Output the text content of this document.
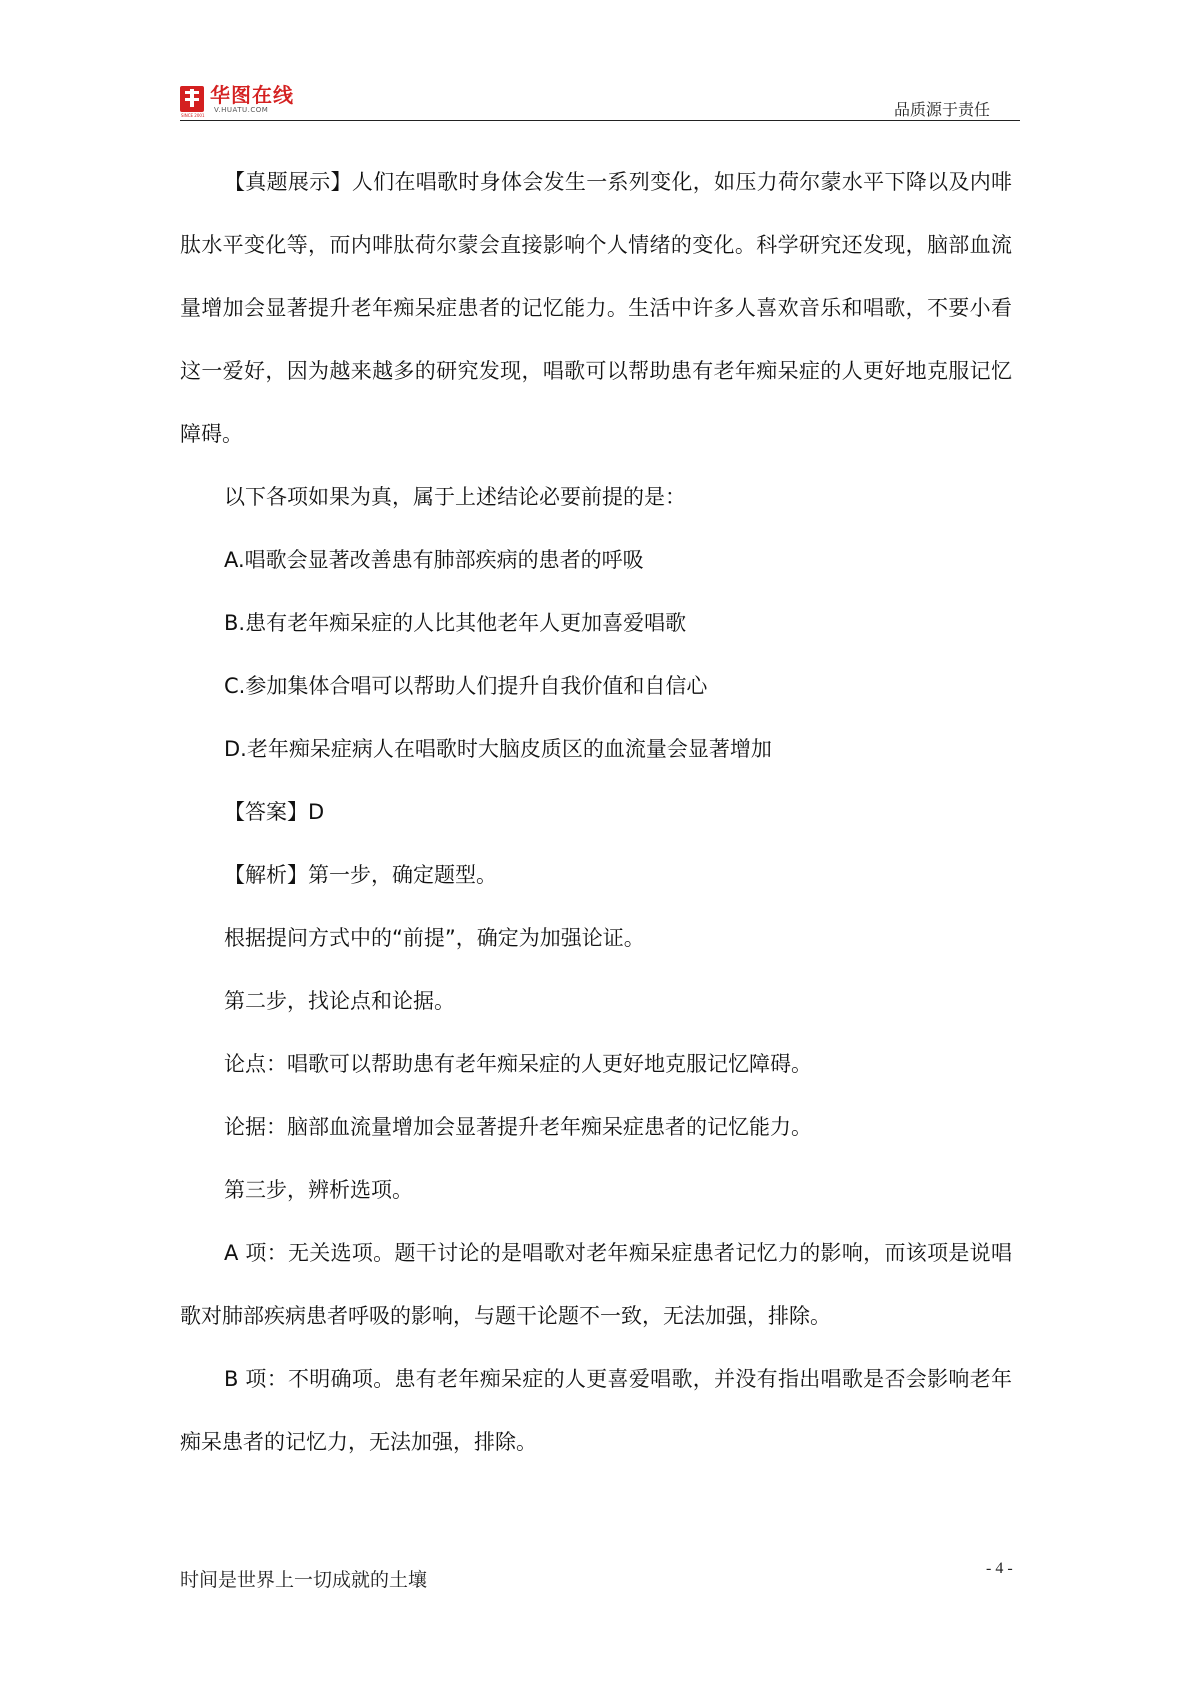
SINCE 2001
华图在线
V.HUATU.COM	品质源于责任

【真题展示】人们在唱歌时身体会发生一系列变化，如压力荷尔蒙水平下降以及内啡肽水平变化等，而内啡肽荷尔蒙会直接影响个人情绪的变化。科学研究还发现，脑部血流量增加会显著提升老年痴呆症患者的记忆能力。生活中许多人喜欢音乐和唱歌，不要小看这一爱好，因为越来越多的研究发现，唱歌可以帮助患有老年痴呆症的人更好地克服记忆障碍。

以下各项如果为真，属于上述结论必要前提的是：

A.唱歌会显著改善患有肺部疾病的患者的呼吸

B.患有老年痴呆症的人比其他老年人更加喜爱唱歌

C.参加集体合唱可以帮助人们提升自我价值和自信心

D.老年痴呆症病人在唱歌时大脑皮质区的血流量会显著增加

【答案】D

【解析】第一步，确定题型。

根据提问方式中的“前提”，确定为加强论证。

第二步，找论点和论据。

论点：唱歌可以帮助患有老年痴呆症的人更好地克服记忆障碍。

论据：脑部血流量增加会显著提升老年痴呆症患者的记忆能力。

第三步，辨析选项。

A 项：无关选项。题干讨论的是唱歌对老年痴呆症患者记忆力的影响，而该项是说唱歌对肺部疾病患者呼吸的影响，与题干论题不一致，无法加强，排除。

B 项：不明确项。患有老年痴呆症的人更喜爱唱歌，并没有指出唱歌是否会影响老年痴呆患者的记忆力，无法加强，排除。

时间是世界上一切成就的土壤
- 4 -
